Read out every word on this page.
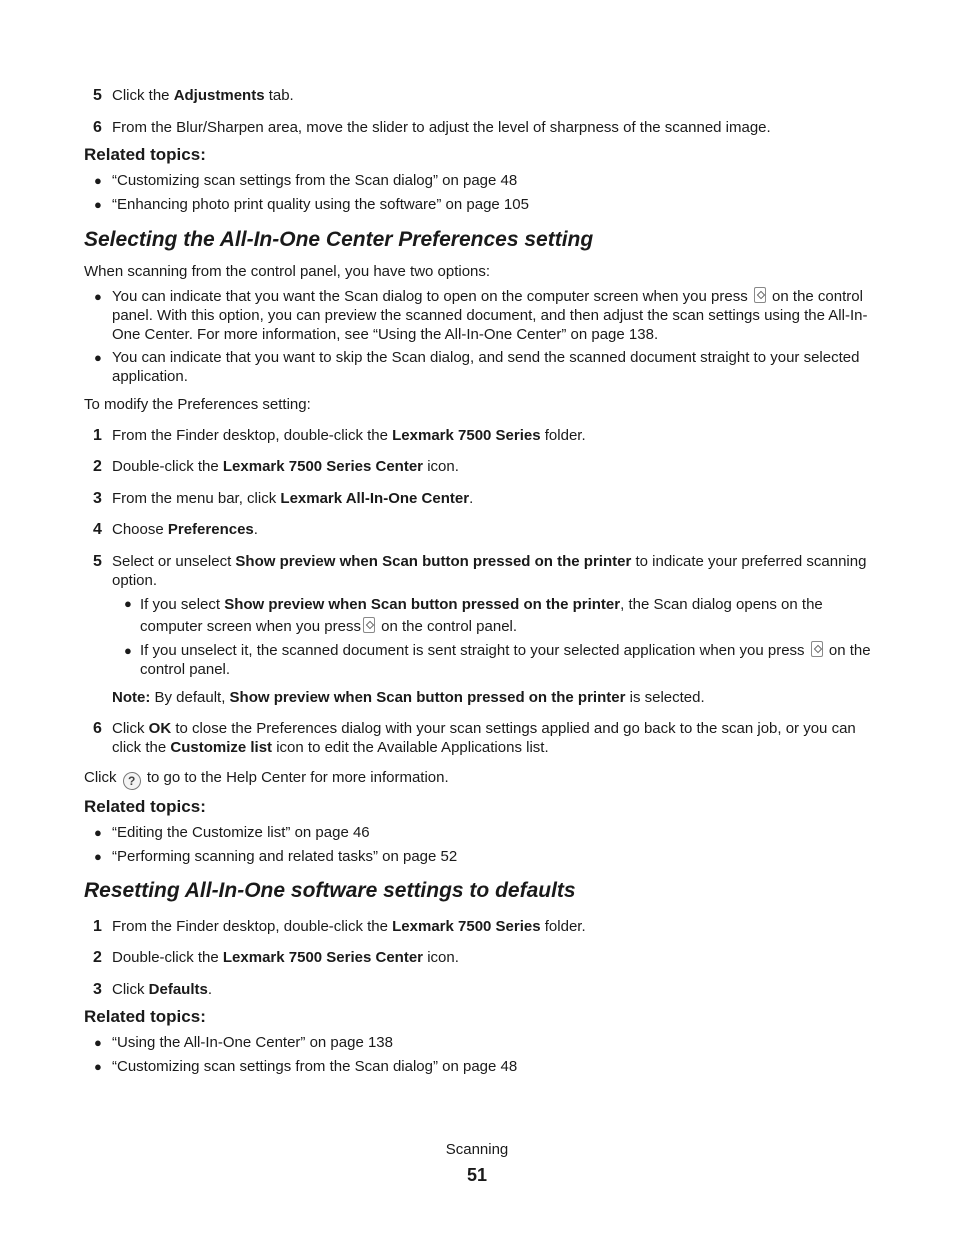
5 Click the Adjustments tab.
6 From the Blur/Sharpen area, move the slider to adjust the level of sharpness of the scanned image.
Related topics:
● “Customizing scan settings from the Scan dialog” on page 48
● “Enhancing photo print quality using the software” on page 105
Selecting the All-In-One Center Preferences setting
When scanning from the control panel, you have two options:
● You can indicate that you want the Scan dialog to open on the computer screen when you press on the control panel. With this option, you can preview the scanned document, and then adjust the scan settings using the All-In-One Center. For more information, see “Using the All-In-One Center” on page 138.
● You can indicate that you want to skip the Scan dialog, and send the scanned document straight to your selected application.
To modify the Preferences setting:
1 From the Finder desktop, double-click the Lexmark 7500 Series folder.
2 Double-click the Lexmark 7500 Series Center icon.
3 From the menu bar, click Lexmark All-In-One Center.
4 Choose Preferences.
5 Select or unselect Show preview when Scan button pressed on the printer to indicate your preferred scanning option.
● If you select Show preview when Scan button pressed on the printer, the Scan dialog opens on the computer screen when you press on the control panel.
● If you unselect it, the scanned document is sent straight to your selected application when you press on the control panel.
Note: By default, Show preview when Scan button pressed on the printer is selected.
6 Click OK to close the Preferences dialog with your scan settings applied and go back to the scan job, or you can click the Customize list icon to edit the Available Applications list.
Click ? to go to the Help Center for more information.
Related topics:
● “Editing the Customize list” on page 46
● “Performing scanning and related tasks” on page 52
Resetting All-In-One software settings to defaults
1 From the Finder desktop, double-click the Lexmark 7500 Series folder.
2 Double-click the Lexmark 7500 Series Center icon.
3 Click Defaults.
Related topics:
● “Using the All-In-One Center” on page 138
● “Customizing scan settings from the Scan dialog” on page 48
Scanning
51
